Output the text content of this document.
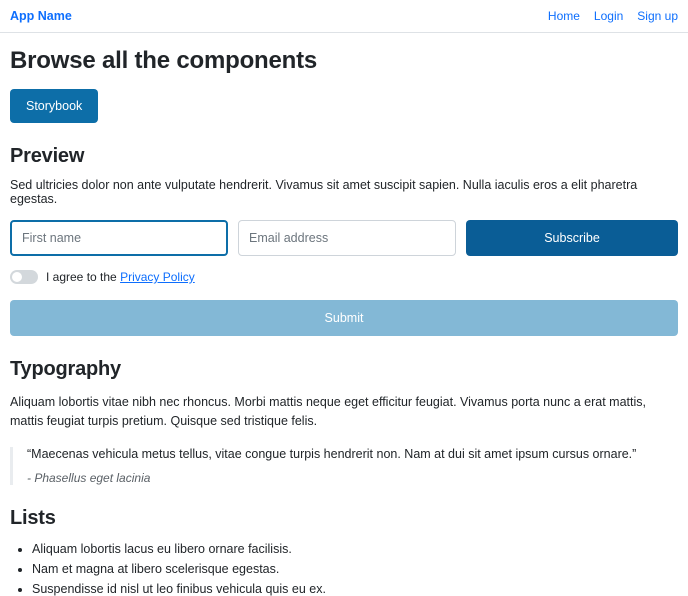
App Name	Home Login Sign up
Browse all the components
Storybook
Preview

Sed ultricies dolor non ante vulputate hendrerit. Vivamus sit amet suscipit sapien. Nulla iaculis eros a elit pharetra egestas.

First name
Email address
Subscribe
I agree to the Privacy Policy
Submit
Typography

Aliquam lobortis vitae nibh nec rhoncus. Morbi mattis neque eget efficitur feugiat. Vivamus porta nunc a erat mattis, mattis feugiat turpis pretium. Quisque sed tristique felis.

“Maecenas vehicula metus tellus, vitae congue turpis hendrerit non. Nam at dui sit amet ipsum cursus ornare.”

- Phasellus eget lacinia

Lists
• Aliquam lobortis lacus eu libero ornare facilisis.
• Nam et magna at libero scelerisque egestas.
• Suspendisse id nisl ut leo finibus vehicula quis eu ex.
